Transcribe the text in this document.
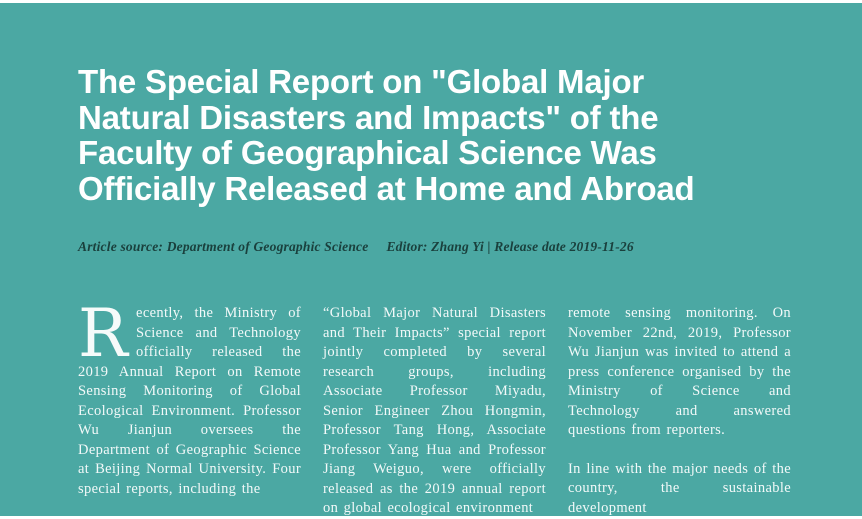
The Special Report on "Global Major
Natural Disasters and Impacts" of the
Faculty of Geographical Science Was
Officially Released at Home and Abroad

Article source: Department of Geographic Science Editor: Zhang Yi | Release date 2019-11-26

Recently, the Ministry of Science and Technology officially released the 2019 Annual Report on Remote Sensing Monitoring of Global Ecological Environment. Professor Wu Jianjun oversees the Department of Geographic Science at Beijing Normal University. Four special reports, including the

“Global Major Natural Disasters and Their Impacts” special report jointly completed by several research groups, including Associate Professor Miyadu, Senior Engineer Zhou Hongmin, Professor Tang Hong, Associate Professor Yang Hua and Professor Jiang Weiguo, were officially released as the 2019 annual report on global ecological environment

remote sensing monitoring. On November 22nd, 2019, Professor Wu Jianjun was invited to attend a press conference organised by the Ministry of Science and Technology and answered questions from reporters.

In line with the major needs of the country, the sustainable development
